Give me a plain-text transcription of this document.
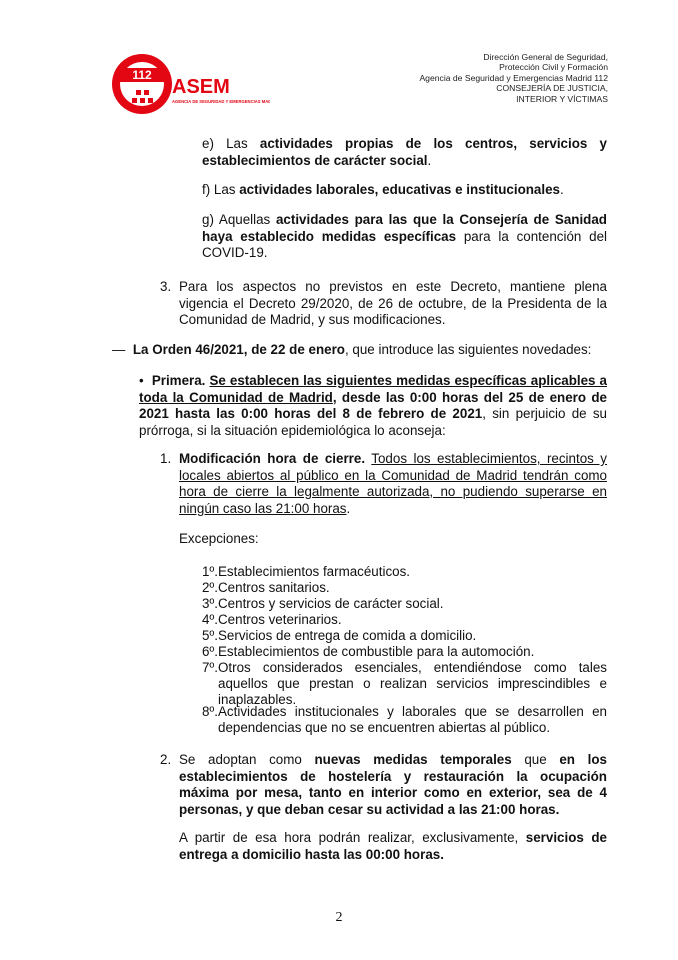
112
ASEM
AGENCIA DE SEGURIDAD Y EMERGENCIAS MADRID
Dirección General de Seguridad,
Protección Civil y Formación
Agencia de Seguridad y Emergencias Madrid 112
CONSEJERÍA DE JUSTICIA,
INTERIOR Y VÍCTIMAS
e) Las actividades propias de los centros, servicios y establecimientos de carácter social.
f) Las actividades laborales, educativas e institucionales.
g) Aquellas actividades para las que la Consejería de Sanidad haya establecido medidas específicas para la contención del COVID-19.
3. Para los aspectos no previstos en este Decreto, mantiene plena vigencia el Decreto 29/2020, de 26 de octubre, de la Presidenta de la Comunidad de Madrid, y sus modificaciones.
— La Orden 46/2021, de 22 de enero, que introduce las siguientes novedades:
• Primera. Se establecen las siguientes medidas específicas aplicables a toda la Comunidad de Madrid, desde las 0:00 horas del 25 de enero de 2021 hasta las 0:00 horas del 8 de febrero de 2021, sin perjuicio de su prórroga, si la situación epidemiológica lo aconseja:
1. Modificación hora de cierre. Todos los establecimientos, recintos y locales abiertos al público en la Comunidad de Madrid tendrán como hora de cierre la legalmente autorizada, no pudiendo superarse en ningún caso las 21:00 horas.
Excepciones:
1º. Establecimientos farmacéuticos.
2º. Centros sanitarios.
3º. Centros y servicios de carácter social.
4º. Centros veterinarios.
5º. Servicios de entrega de comida a domicilio.
6º. Establecimientos de combustible para la automoción.
7º. Otros considerados esenciales, entendiéndose como tales aquellos que prestan o realizan servicios imprescindibles e inaplazables.
8º. Actividades institucionales y laborales que se desarrollen en dependencias que no se encuentren abiertas al público.
2. Se adoptan como nuevas medidas temporales que en los establecimientos de hostelería y restauración la ocupación máxima por mesa, tanto en interior como en exterior, sea de 4 personas, y que deban cesar su actividad a las 21:00 horas.
A partir de esa hora podrán realizar, exclusivamente, servicios de entrega a domicilio hasta las 00:00 horas.
2
